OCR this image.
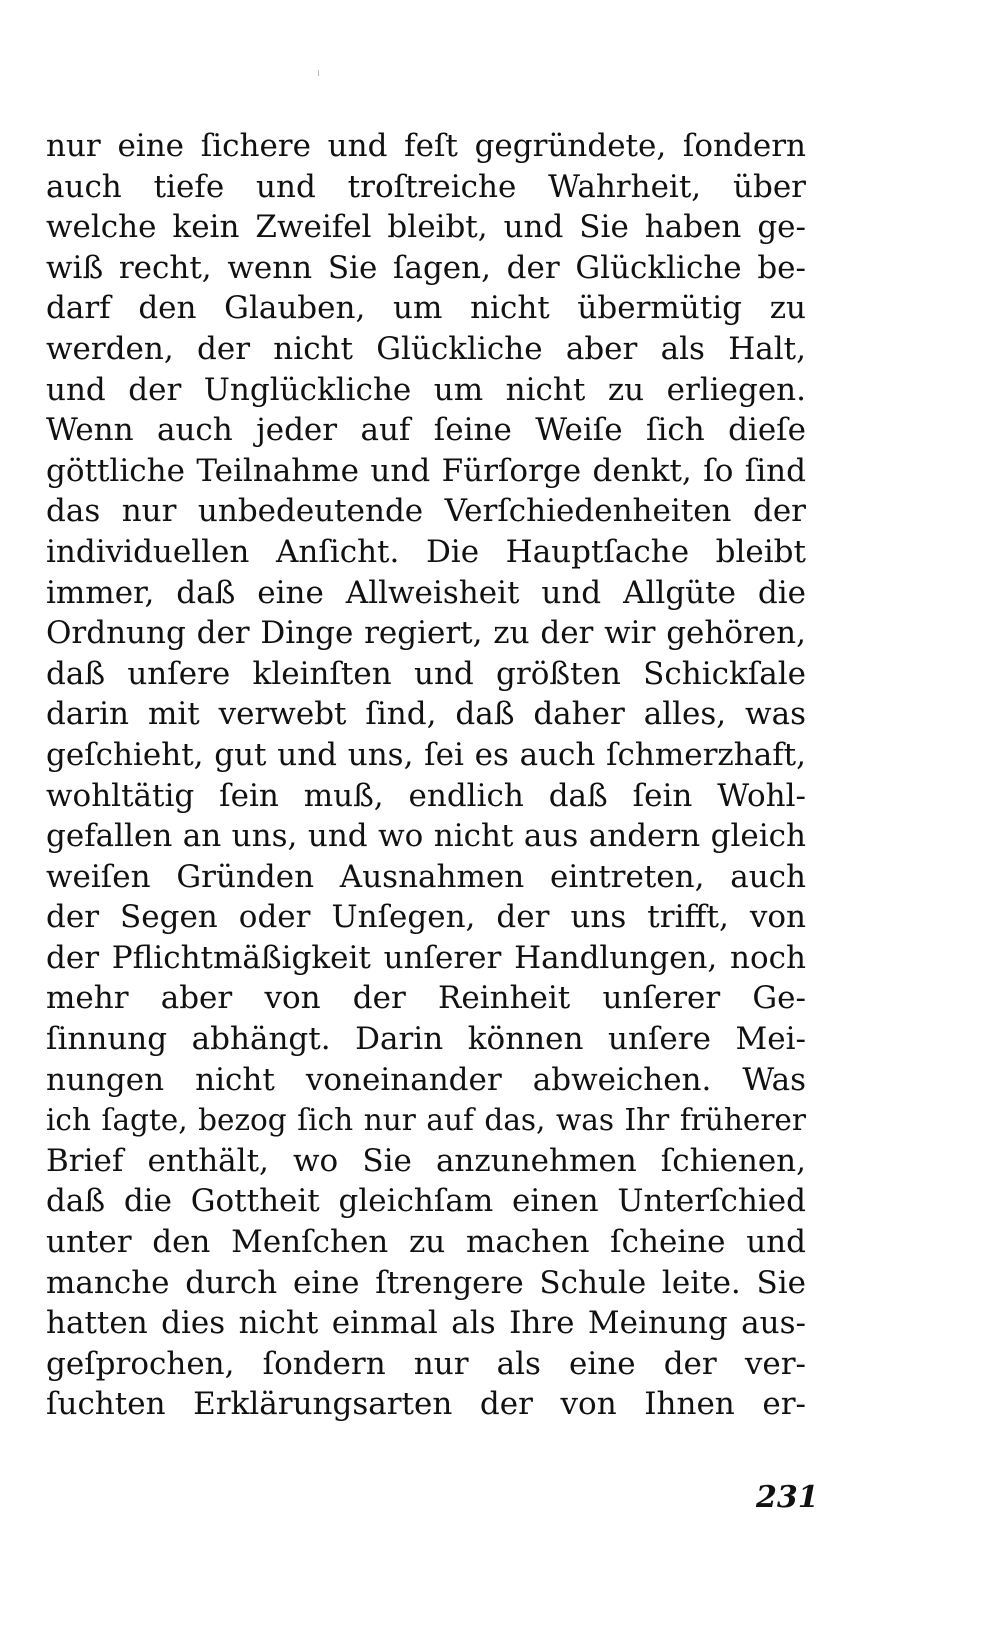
nur eine ſichere und feſt gegründete, ſondern
auch tiefe und troſtreiche Wahrheit, über
welche kein Zweifel bleibt, und Sie haben ge-
wiß recht, wenn Sie ſagen, der Glückliche be-
darf den Glauben, um nicht übermütig zu
werden, der nicht Glückliche aber als Halt,
und der Unglückliche um nicht zu erliegen.
Wenn auch jeder auf ſeine Weiſe ſich dieſe
göttliche Teilnahme und Fürſorge denkt, ſo ſind
das nur unbedeutende Verſchiedenheiten der
individuellen Anſicht. Die Hauptſache bleibt
immer, daß eine Allweisheit und Allgüte die
Ordnung der Dinge regiert, zu der wir gehören,
daß unſere kleinſten und größten Schickſale
darin mit verwebt ſind, daß daher alles, was
geſchieht, gut und uns, ſei es auch ſchmerzhaft,
wohltätig ſein muß, endlich daß ſein Wohl-
gefallen an uns, und wo nicht aus andern gleich
weiſen Gründen Ausnahmen eintreten, auch
der Segen oder Unſegen, der uns trifft, von
der Pflichtmäßigkeit unſerer Handlungen, noch
mehr aber von der Reinheit unſerer Ge-
ſinnung abhängt. Darin können unſere Mei-
nungen nicht voneinander abweichen. Was
ich ſagte, bezog ſich nur auf das, was Ihr früherer
Brief enthält, wo Sie anzunehmen ſchienen,
daß die Gottheit gleichſam einen Unterſchied
unter den Menſchen zu machen ſcheine und
manche durch eine ſtrengere Schule leite. Sie
hatten dies nicht einmal als Ihre Meinung aus-
geſprochen, ſondern nur als eine der ver-
ſuchten Erklärungsarten der von Ihnen er-
231
